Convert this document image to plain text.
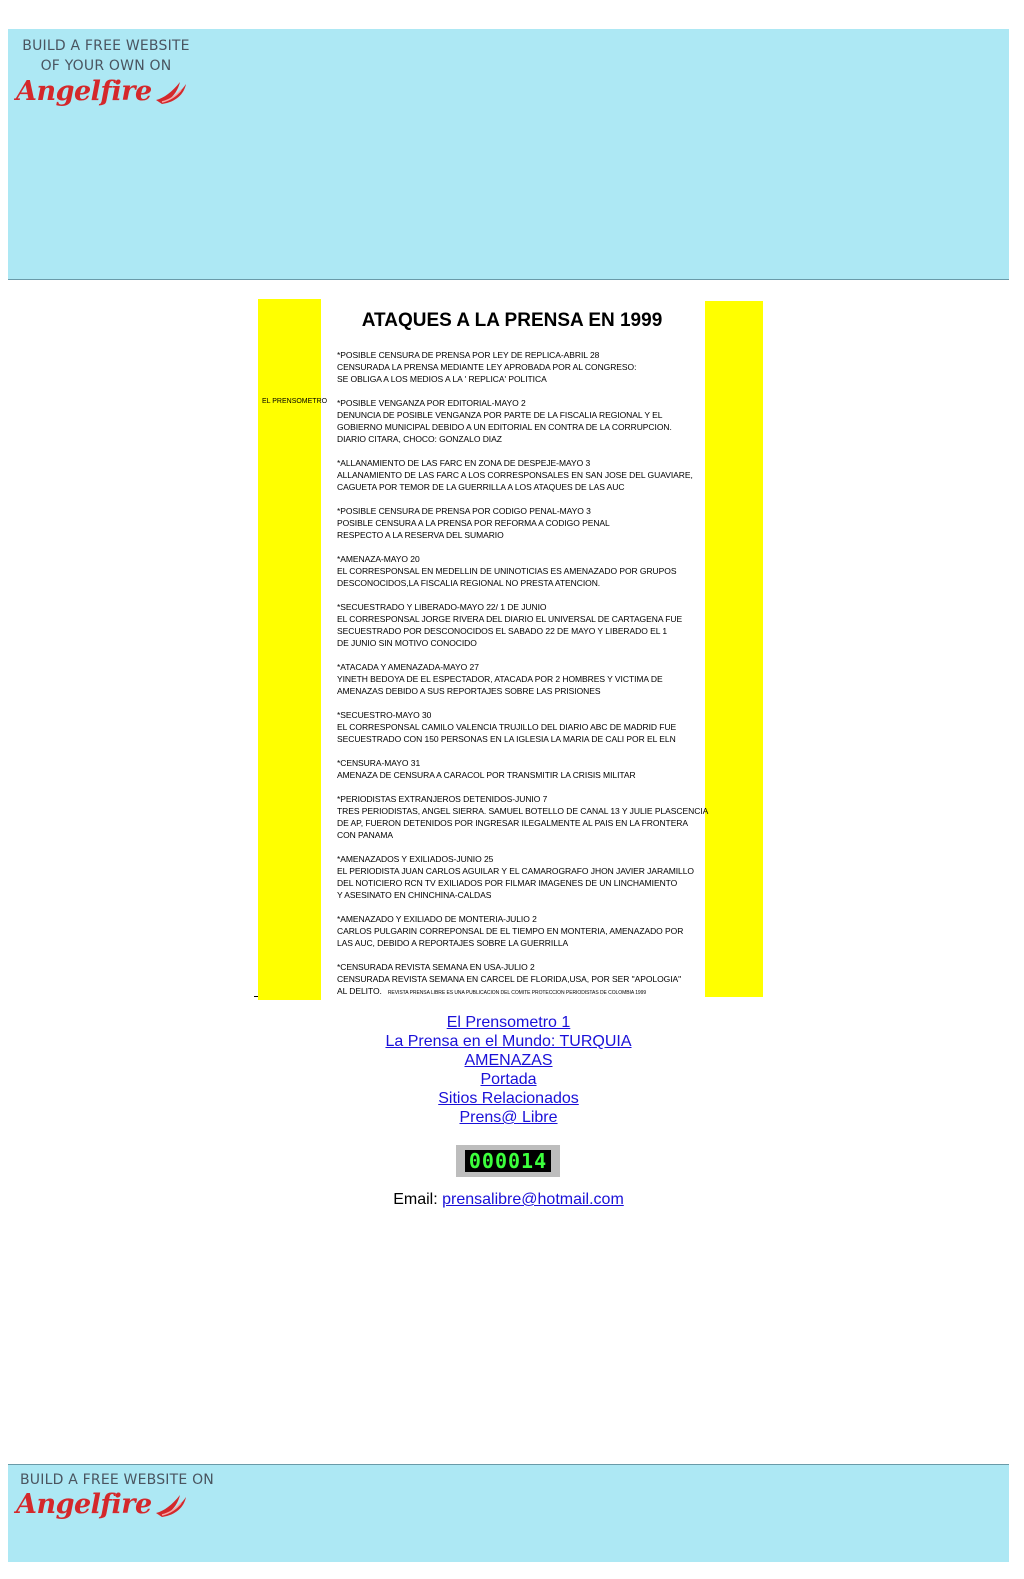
BUILD A FREE WEBSITE
OF YOUR OWN ON
Angelfire
EL PRENSOMETRO
ATAQUES A LA PRENSA EN 1999
*POSIBLE CENSURA DE PRENSA POR LEY DE REPLICA-ABRIL 28
CENSURADA LA PRENSA MEDIANTE LEY APROBADA POR AL CONGRESO:
SE OBLIGA A LOS MEDIOS A LA ' REPLICA' POLITICA
*POSIBLE VENGANZA POR EDITORIAL-MAYO 2
DENUNCIA DE POSIBLE VENGANZA POR PARTE DE LA FISCALIA REGIONAL Y EL
GOBIERNO MUNICIPAL DEBIDO A UN EDITORIAL EN CONTRA DE LA CORRUPCION.
DIARIO CITARA, CHOCO: GONZALO DIAZ
*ALLANAMIENTO DE LAS FARC EN ZONA DE DESPEJE-MAYO 3
ALLANAMIENTO DE LAS FARC A LOS CORRESPONSALES EN SAN JOSE DEL GUAVIARE,
CAGUETA POR TEMOR DE LA GUERRILLA A LOS ATAQUES DE LAS AUC
*POSIBLE CENSURA DE PRENSA POR CODIGO PENAL-MAYO 3
POSIBLE CENSURA A LA PRENSA POR REFORMA A CODIGO PENAL
RESPECTO A LA RESERVA DEL SUMARIO
*AMENAZA-MAYO 20
EL CORRESPONSAL EN MEDELLIN DE UNINOTICIAS ES AMENAZADO POR GRUPOS
DESCONOCIDOS,LA FISCALIA REGIONAL NO PRESTA ATENCION.
*SECUESTRADO Y LIBERADO-MAYO 22/ 1 DE JUNIO
EL CORRESPONSAL JORGE RIVERA DEL DIARIO EL UNIVERSAL DE CARTAGENA FUE
SECUESTRADO POR DESCONOCIDOS EL SABADO 22 DE MAYO Y LIBERADO EL 1
DE JUNIO SIN MOTIVO CONOCIDO
*ATACADA Y AMENAZADA-MAYO 27
YINETH BEDOYA DE EL ESPECTADOR, ATACADA POR 2 HOMBRES Y VICTIMA DE
AMENAZAS DEBIDO A SUS REPORTAJES SOBRE LAS PRISIONES
*SECUESTRO-MAYO 30
EL CORRESPONSAL CAMILO VALENCIA TRUJILLO DEL DIARIO ABC DE MADRID FUE
SECUESTRADO CON 150 PERSONAS EN LA IGLESIA LA MARIA DE CALI POR EL ELN
*CENSURA-MAYO 31
AMENAZA DE CENSURA A CARACOL POR TRANSMITIR LA CRISIS MILITAR
*PERIODISTAS EXTRANJEROS DETENIDOS-JUNIO 7
TRES PERIODISTAS, ANGEL SIERRA. SAMUEL BOTELLO DE CANAL 13 Y JULIE PLASCENCIA
DE AP, FUERON DETENIDOS POR INGRESAR ILEGALMENTE AL PAIS EN LA FRONTERA
CON PANAMA
*AMENAZADOS Y EXILIADOS-JUNIO 25
EL PERIODISTA JUAN CARLOS AGUILAR Y EL CAMAROGRAFO JHON JAVIER JARAMILLO
DEL NOTICIERO RCN TV EXILIADOS POR FILMAR IMAGENES DE UN LINCHAMIENTO
Y ASESINATO EN CHINCHINA-CALDAS
*AMENAZADO Y EXILIADO DE MONTERIA-JULIO 2
CARLOS PULGARIN CORREPONSAL DE EL TIEMPO EN MONTERIA, AMENAZADO POR
LAS AUC, DEBIDO A REPORTAJES SOBRE LA GUERRILLA
*CENSURADA REVISTA SEMANA EN USA-JULIO 2
CENSURADA REVISTA SEMANA EN CARCEL DE FLORIDA,USA, POR SER "APOLOGIA"
AL DELITO. REVISTA PRENSA LIBRE ES UNA PUBLICACION DEL COMITE PROTECCION PERIODISTAS DE COLOMBIA 1999
El Prensometro 1
La Prensa en el Mundo: TURQUIA
AMENAZAS
Portada
Sitios Relacionados
Prens@ Libre
000014
Email: prensalibre@hotmail.com
BUILD A FREE WEBSITE ON
Angelfire
